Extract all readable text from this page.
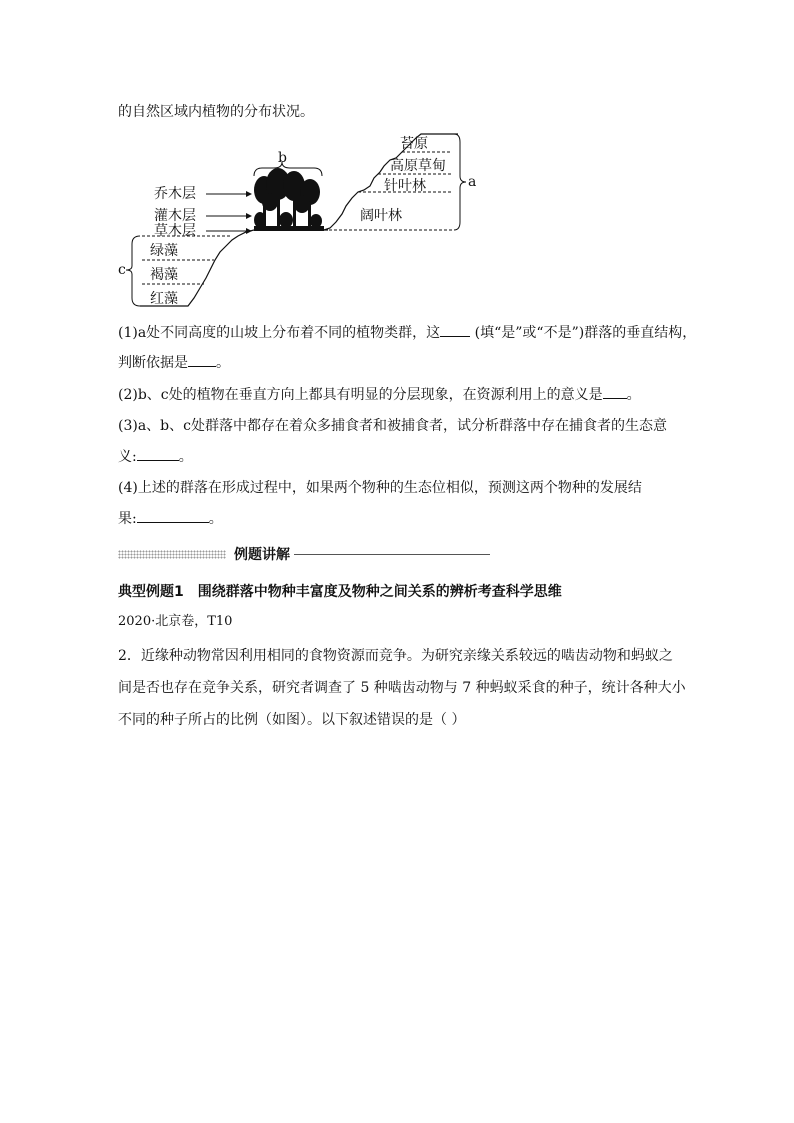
的自然区域内植物的分布状况。
c
绿藻
褐藻
红藻
乔木层
灌木层
草木层
b
苔原
高原草甸
针叶林
阔叶林
a
(1)a处不同高度的山坡上分布着不同的植物类群，这 (填“是”或“不是”)群落的垂直结构，
判断依据是 。
(2)b、c处的植物在垂直方向上都具有明显的分层现象，在资源利用上的意义是 。
(3)a、b、c处群落中都存在着众多捕食者和被捕食者，试分析群落中存在捕食者的生态意
义:	。
(4)上述的群落在形成过程中，如果两个物种的生态位相似，预测这两个物种的发展结
果:	。
例题讲解
典型例题1　围绕群落中物种丰富度及物种之间关系的辨析考查科学思维
2020·北京卷，T10
2．近缘种动物常因利用相同的食物资源而竞争。为研究亲缘关系较远的啮齿动物和蚂蚁之
间是否也存在竞争关系，研究者调查了 5 种啮齿动物与 7 种蚂蚁采食的种子，统计各种大小
不同的种子所占的比例（如图）。以下叙述错误的是（ ）
